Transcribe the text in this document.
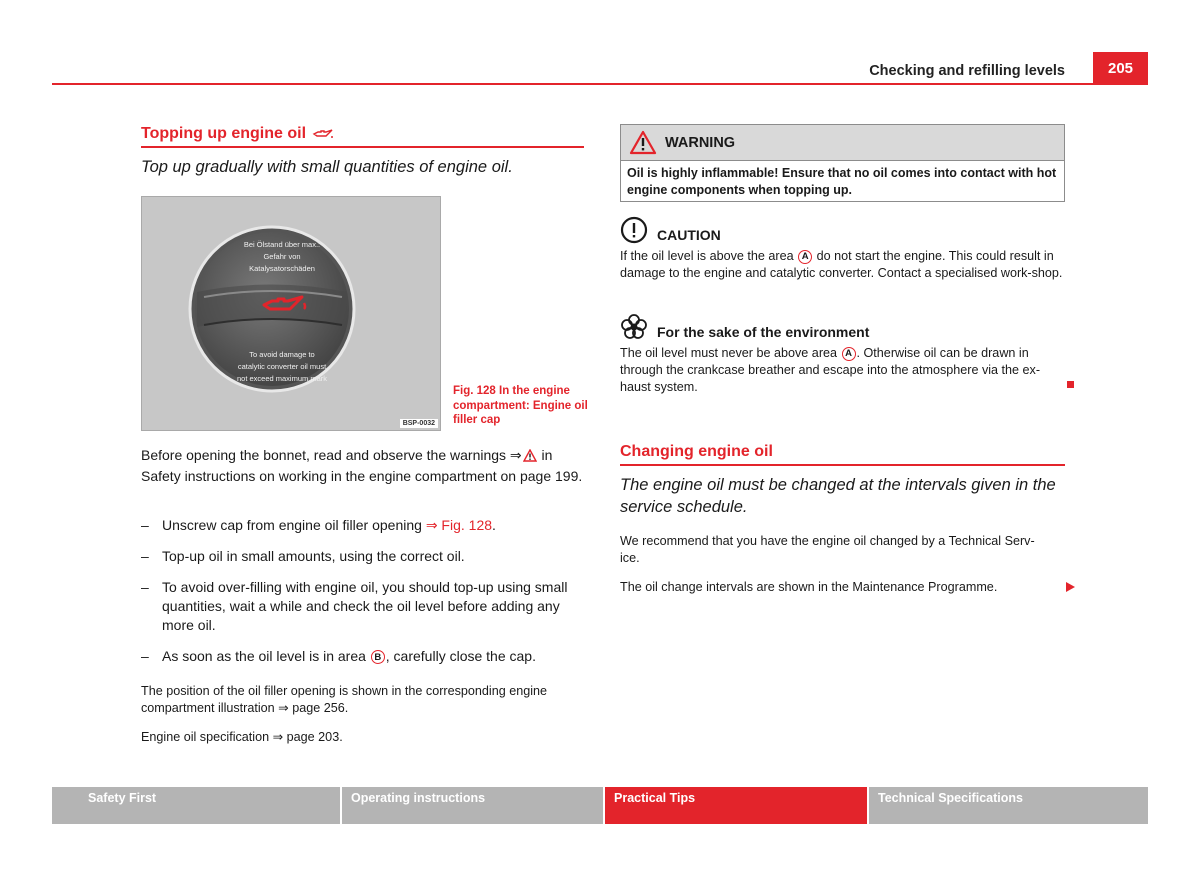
Checking and refilling levels	205
Topping up engine oil
Top up gradually with small quantities of engine oil.
Bei Ölstand über max.:
Gefahr von Katalysatorschäden
To avoid damage to
catalytic converter oil must
not exceed maximum mark
BSP-0032
Fig. 128 In the engine
compartment: Engine oil
filler cap
Before opening the bonnet, read and observe the warnings ⇒ in Safety instructions on working in the engine compartment on page 199.
– Unscrew cap from engine oil filler opening ⇒ Fig. 128.
– Top-up oil in small amounts, using the correct oil.
– To avoid over-filling with engine oil, you should top-up using small quantities, wait a while and check the oil level before adding any more oil.
– As soon as the oil level is in area B , carefully close the cap.
The position of the oil filler opening is shown in the corresponding engine compartment illustration ⇒ page 256.
Engine oil specification ⇒ page 203.
WARNING
Oil is highly inflammable! Ensure that no oil comes into contact with hot engine components when topping up.
CAUTION
If the oil level is above the area A do not start the engine. This could result in damage to the engine and catalytic converter. Contact a specialised work-shop.
For the sake of the environment
The oil level must never be above area A . Otherwise oil can be drawn in through the crankcase breather and escape into the atmosphere via the ex-haust system.
Changing engine oil
The engine oil must be changed at the intervals given in the service schedule.
We recommend that you have the engine oil changed by a Technical Serv-ice.
The oil change intervals are shown in the Maintenance Programme.
Safety First	Operating instructions	Practical Tips	Technical Specifications
